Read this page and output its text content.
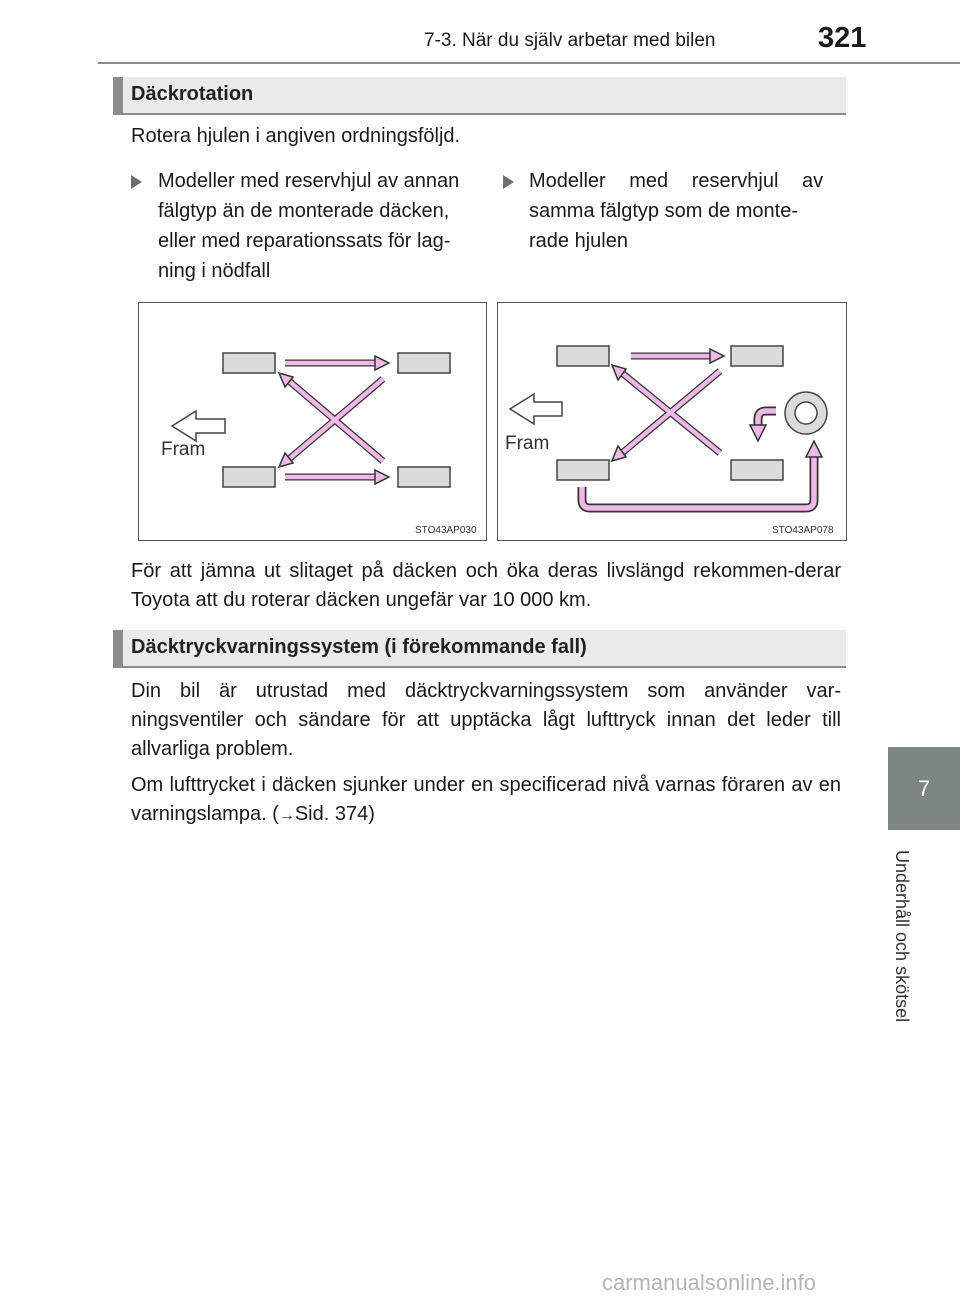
7-3. När du själv arbetar med bilen	321
7
Underhåll och skötsel
Däckrotation
Rotera hjulen i angiven ordningsföljd.
Modeller med reservhjul av annan
fälgtyp än de monterade däcken,
eller med reparationssats för lag-
ning i nödfall
Modeller med reservhjul av
samma fälgtyp som de monte-
rade hjulen
Fram
STO43AP030
Fram
STO43AP078
För att jämna ut slitaget på däcken och öka deras livslängd rekommen-derar Toyota att du roterar däcken ungefär var 10 000 km.
Däcktryckvarningssystem (i förekommande fall)
Din bil är utrustad med däcktryckvarningssystem som använder var-ningsventiler och sändare för att upptäcka lågt lufttryck innan det leder till allvarliga problem.
Om lufttrycket i däcken sjunker under en specificerad nivå varnas föraren av en varningslampa. (→Sid. 374)
carmanualsonline.info
